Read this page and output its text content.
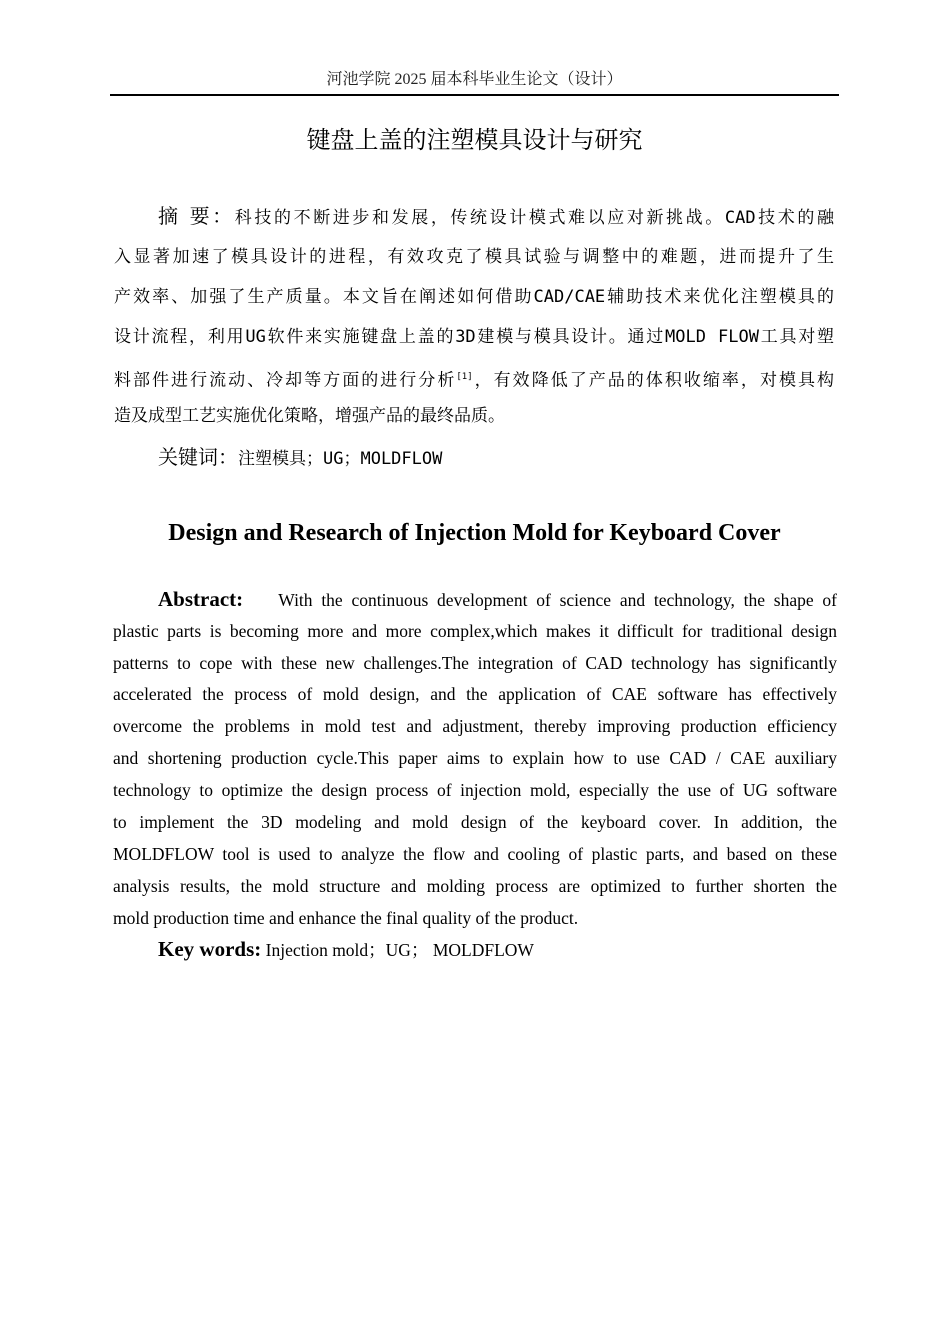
河池学院 2025 届本科毕业生论文（设计）
键盘上盖的注塑模具设计与研究
摘 要：科技的不断进步和发展，传统设计模式难以应对新挑战。CAD技术的融
入显著加速了模具设计的进程，有效攻克了模具试验与调整中的难题，进而提升了生
产效率、加强了生产质量。本文旨在阐述如何借助CAD/CAE辅助技术来优化注塑模具的
设计流程，利用UG软件来实施键盘上盖的3D建模与模具设计。通过MOLD FLOW工具对塑
料部件进行流动、冷却等方面的进行分析[1]，有效降低了产品的体积收缩率，对模具构
造及成型工艺实施优化策略，增强产品的最终品质。
关键词：注塑模具；UG；MOLDFLOW
Design and Research of Injection Mold for Keyboard Cover
Abstract: With the continuous development of science and technology, the shape of
plastic parts is becoming more and more complex,which makes it difficult for traditional design
patterns to cope with these new challenges.The integration of CAD technology has significantly
accelerated the process of mold design, and the application of CAE software has effectively
overcome the problems in mold test and adjustment, thereby improving production efficiency
and shortening production cycle.This paper aims to explain how to use CAD / CAE auxiliary
technology to optimize the design process of injection mold, especially the use of UG software
to implement the 3D modeling and mold design of the keyboard cover. In addition, the
MOLDFLOW tool is used to analyze the flow and cooling of plastic parts, and based on these
analysis results, the mold structure and molding process are optimized to further shorten the
mold production time and enhance the final quality of the product.
Key words: Injection mold；UG； MOLDFLOW
